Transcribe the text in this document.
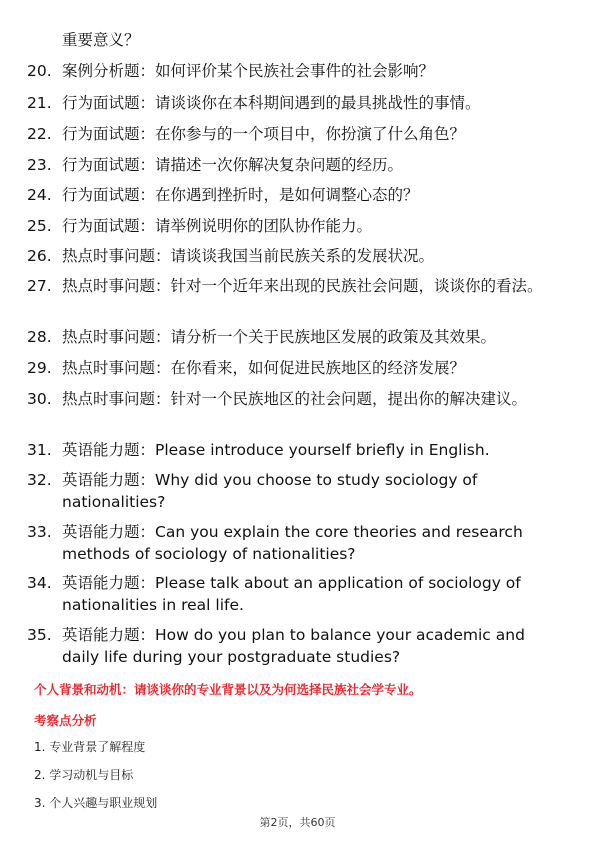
重要意义？
20. 案例分析题：如何评价某个民族社会事件的社会影响？
21. 行为面试题：请谈谈你在本科期间遇到的最具挑战性的事情。
22. 行为面试题：在你参与的一个项目中，你扮演了什么角色？
23. 行为面试题：请描述一次你解决复杂问题的经历。
24. 行为面试题：在你遇到挫折时，是如何调整心态的？
25. 行为面试题：请举例说明你的团队协作能力。
26. 热点时事问题：请谈谈我国当前民族关系的发展状况。
27. 热点时事问题：针对一个近年来出现的民族社会问题，谈谈你的看法。
28. 热点时事问题：请分析一个关于民族地区发展的政策及其效果。
29. 热点时事问题：在你看来，如何促进民族地区的经济发展？
30. 热点时事问题：针对一个民族地区的社会问题，提出你的解决建议。
31. 英语能力题：Please introduce yourself briefly in English.
32. 英语能力题：Why did you choose to study sociology of nationalities?
33. 英语能力题：Can you explain the core theories and research methods of sociology of nationalities?
34. 英语能力题：Please talk about an application of sociology of nationalities in real life.
35. 英语能力题：How do you plan to balance your academic and daily life during your postgraduate studies?
个人背景和动机：请谈谈你的专业背景以及为何选择民族社会学专业。
考察点分析
1. 专业背景了解程度
2. 学习动机与目标
3. 个人兴趣与职业规划
第2页，共60页
